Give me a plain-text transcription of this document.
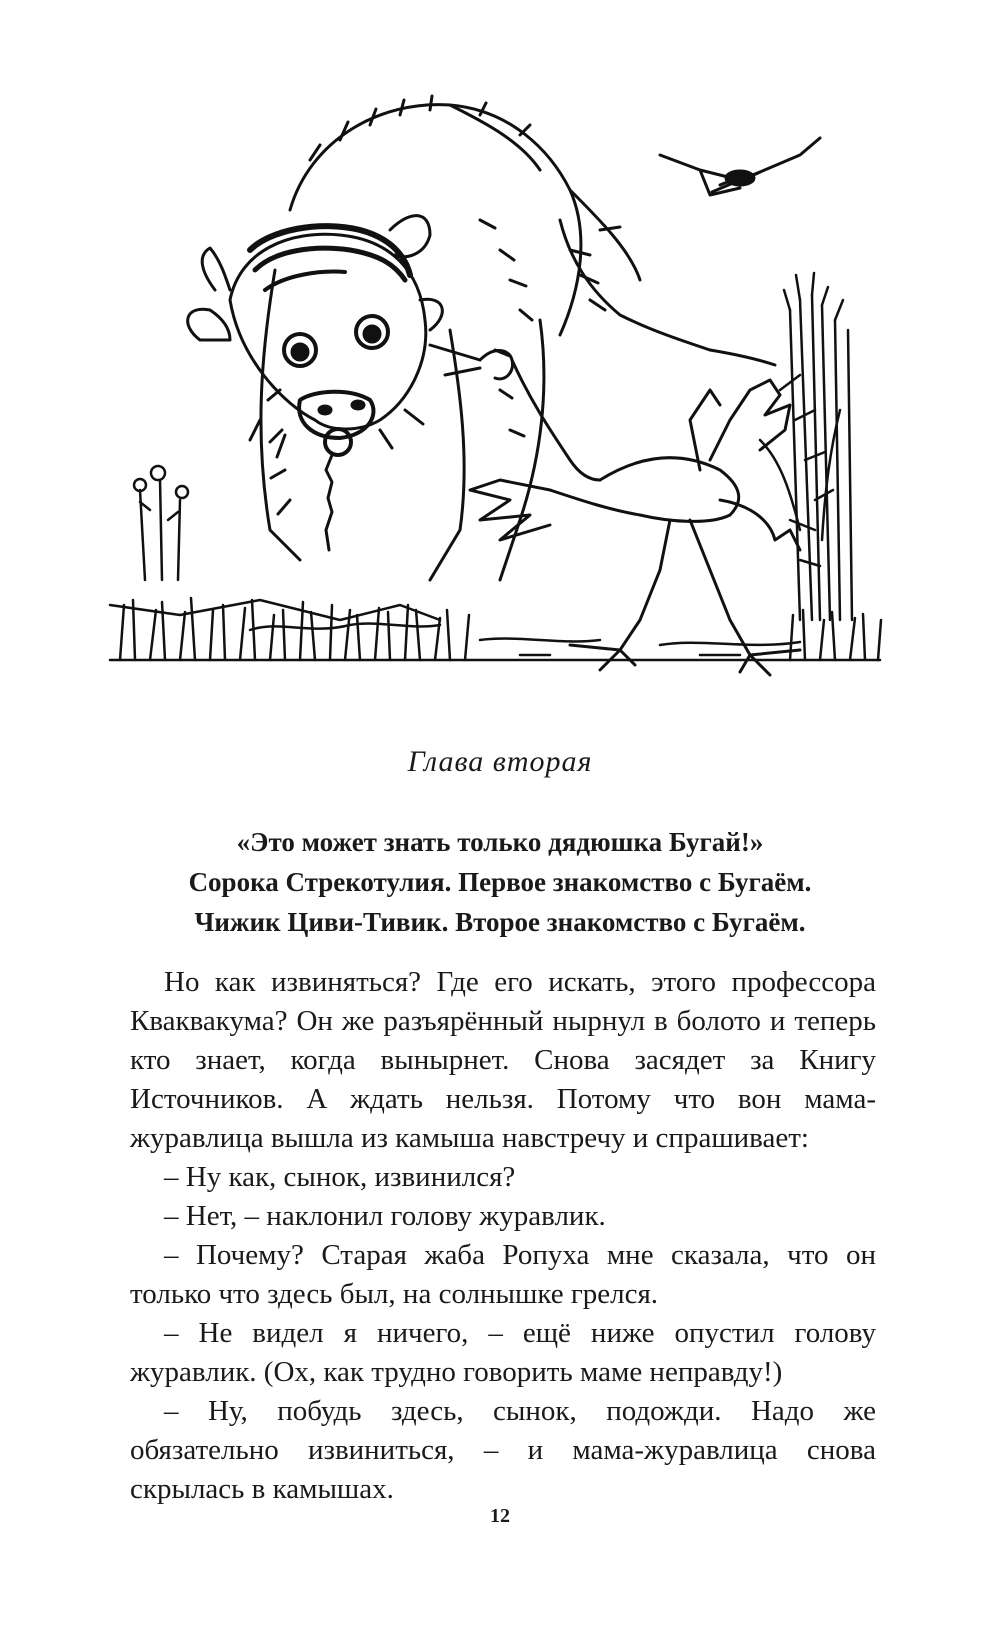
Глава вторая
«Это может знать только дядюшка Бугай!»
Сорока Стрекотулия. Первое знакомство с Бугаём.
Чижик Циви-Тивик. Второе знакомство с Бугаём.

Но как извиняться? Где его искать, этого профессора Кваквакума? Он же разъярённый нырнул в болото и теперь кто знает, когда вынырнет. Снова засядет за Книгу Источников. А ждать нельзя. Потому что вон мама-журавлица вышла из камыша навстречу и спрашивает:

– Ну как, сынок, извинился?

– Нет, – наклонил голову журавлик.

– Почему? Старая жаба Ропуха мне сказала, что он только что здесь был, на солнышке грелся.

– Не видел я ничего, – ещё ниже опустил голову журавлик. (Ох, как трудно говорить маме неправду!)

– Ну, побудь здесь, сынок, подожди. Надо же обязательно извиниться, – и мама-журавлица снова скрылась в камышах.

12
